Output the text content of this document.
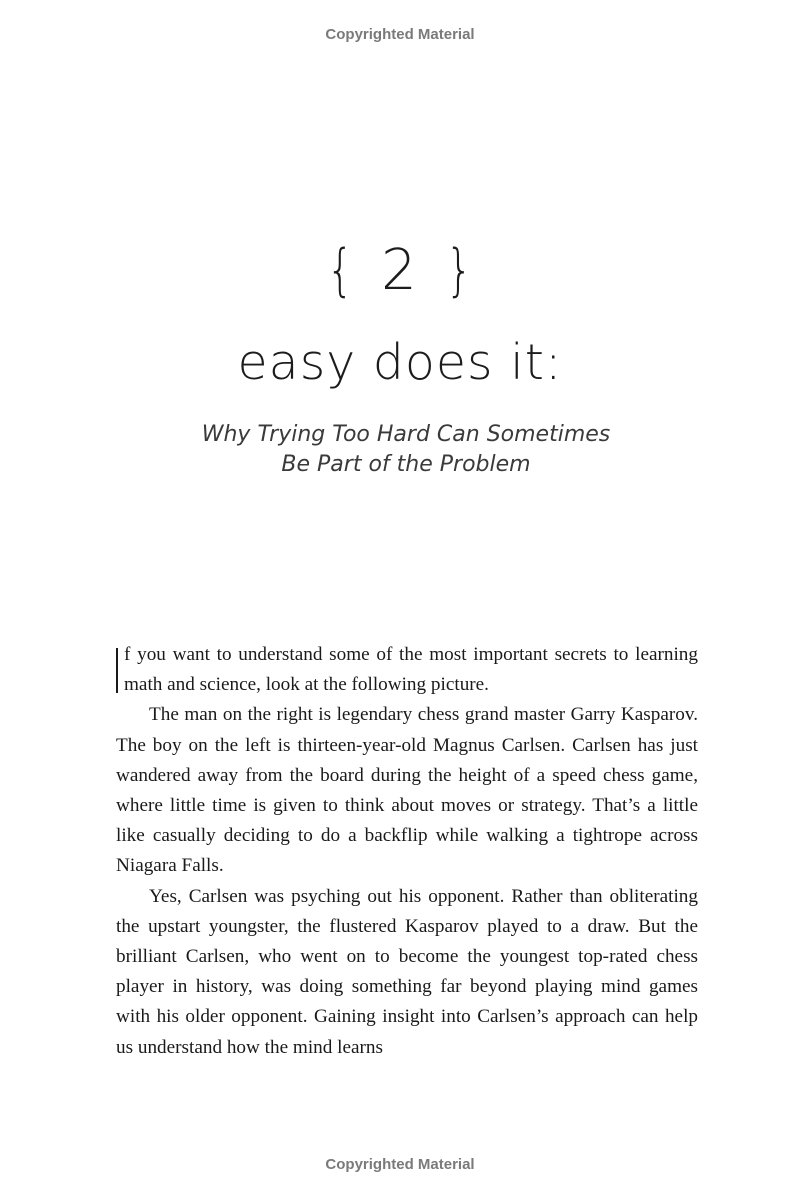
Copyrighted Material
{ 2 }
easy does it:
Why Trying Too Hard Can Sometimes
Be Part of the Problem

f you want to understand some of the most important secrets to learning math and science, look at the following picture.

The man on the right is legendary chess grand master Garry Kasparov. The boy on the left is thirteen-year-old Magnus Carlsen. Carlsen has just wandered away from the board during the height of a speed chess game, where little time is given to think about moves or strategy. That’s a little like casually deciding to do a backflip while walking a tightrope across Niagara Falls.

Yes, Carlsen was psyching out his opponent. Rather than obliterating the upstart youngster, the flustered Kasparov played to a draw. But the brilliant Carlsen, who went on to become the youngest top-rated chess player in history, was doing something far beyond playing mind games with his older opponent. Gaining insight into Carlsen’s approach can help us understand how the mind learns

Copyrighted Material
